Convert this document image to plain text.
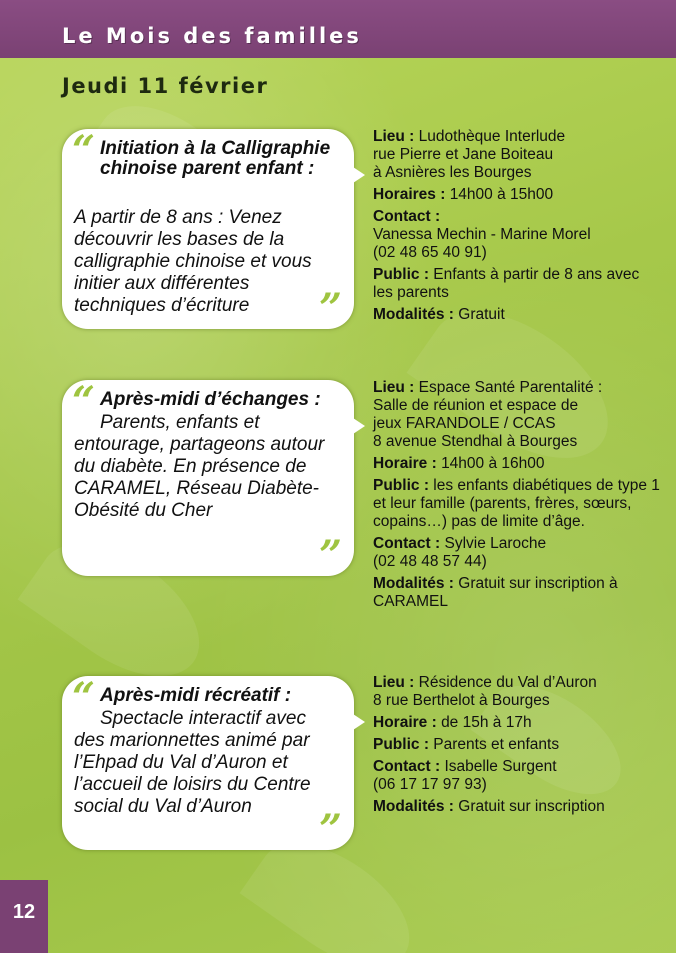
Le Mois des familles
Jeudi 11 février
“ Initiation à la Calligraphie chinoise parent enfant :
A partir de 8 ans : Venez découvrir les bases de la calligraphie chinoise et vous initier aux différentes techniques d’écriture	”

Lieu : Ludothèque Interlude
rue Pierre et Jane Boiteau
à Asnières les Bourges

Horaires : 14h00 à 15h00

Contact :
Vanessa Mechin - Marine Morel
(02 48 65 40 91)

Public : Enfants à partir de 8 ans avec les parents

Modalités : Gratuit

“ Après-midi d’échanges :
Parents, enfants et entourage, partageons autour du diabète. En présence de CARAMEL, Réseau Diabète-Obésité du Cher
”

Lieu : Espace Santé Parentalité :
Salle de réunion et espace de
jeux FARANDOLE / CCAS
8 avenue Stendhal à Bourges

Horaire : 14h00 à 16h00

Public : les enfants diabétiques de type 1 et leur famille (parents, frères, sœurs, copains…) pas de limite d’âge.

Contact : Sylvie Laroche
(02 48 48 57 44)

Modalités : Gratuit sur inscription à CARAMEL

“ Après-midi récréatif :
Spectacle interactif avec des marionnettes animé par l’Ehpad du Val d’Auron et l’accueil de loisirs du Centre social du Val d’Auron	”

Lieu : Résidence du Val d’Auron
8 rue Berthelot à Bourges

Horaire : de 15h à 17h

Public : Parents et enfants

Contact : Isabelle Surgent
(06 17 17 97 93)

Modalités : Gratuit sur inscription

12
